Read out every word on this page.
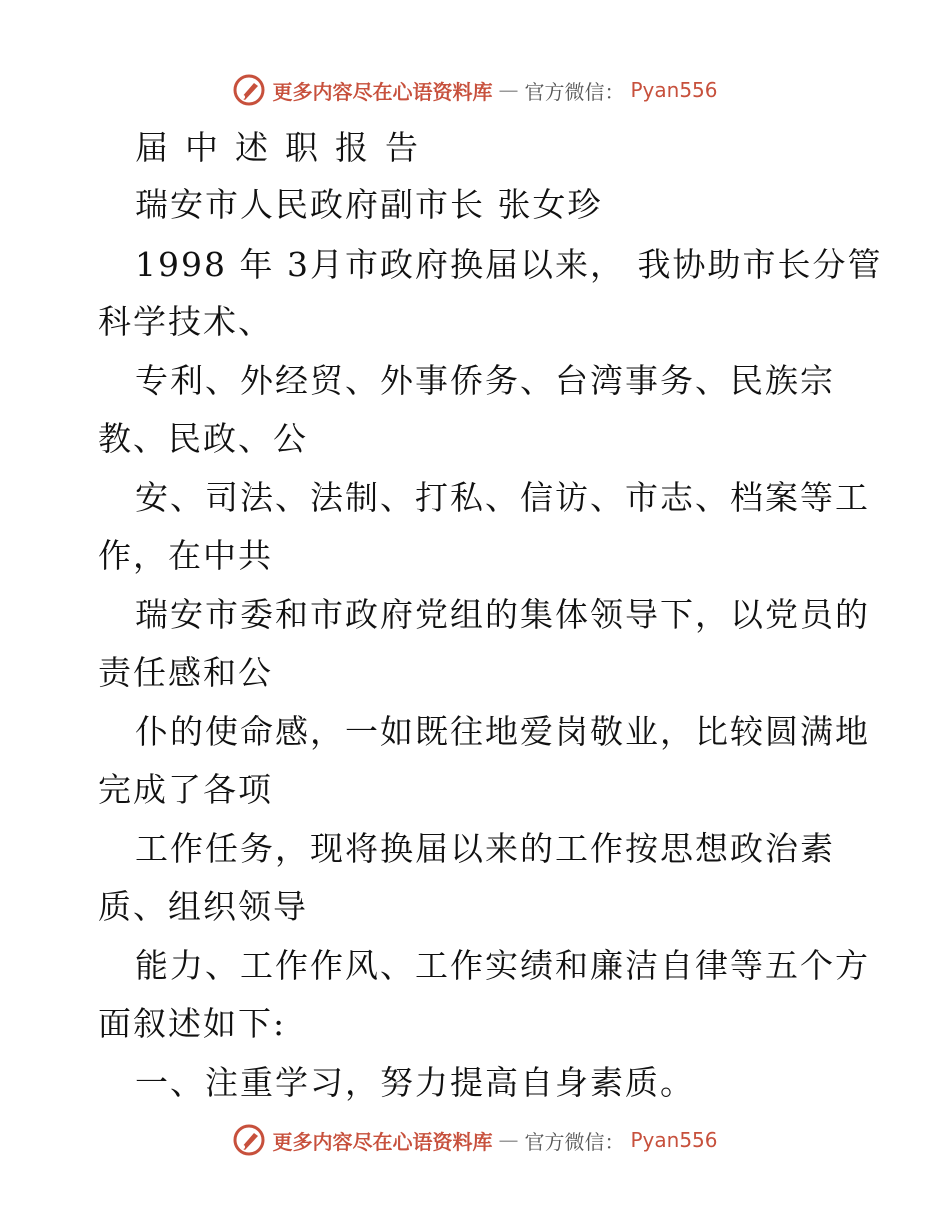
更多内容尽在心语资料库 — 官方微信： Pyan556
届中述职报告
瑞安市人民政府副市长 张女珍
1998 年 3月市政府换届以来， 我协助市长分管
科学技术、
专利、外经贸、外事侨务、台湾事务、民族宗
教、民政、公
安、司法、法制、打私、信访、市志、档案等工
作，在中共
瑞安市委和市政府党组的集体领导下，以党员的
责任感和公
仆的使命感，一如既往地爱岗敬业，比较圆满地
完成了各项
工作任务，现将换届以来的工作按思想政治素
质、组织领导
能力、工作作风、工作实绩和廉洁自律等五个方
面叙述如下:
一、注重学习，努力提高自身素质。
更多内容尽在心语资料库 — 官方微信： Pyan556
